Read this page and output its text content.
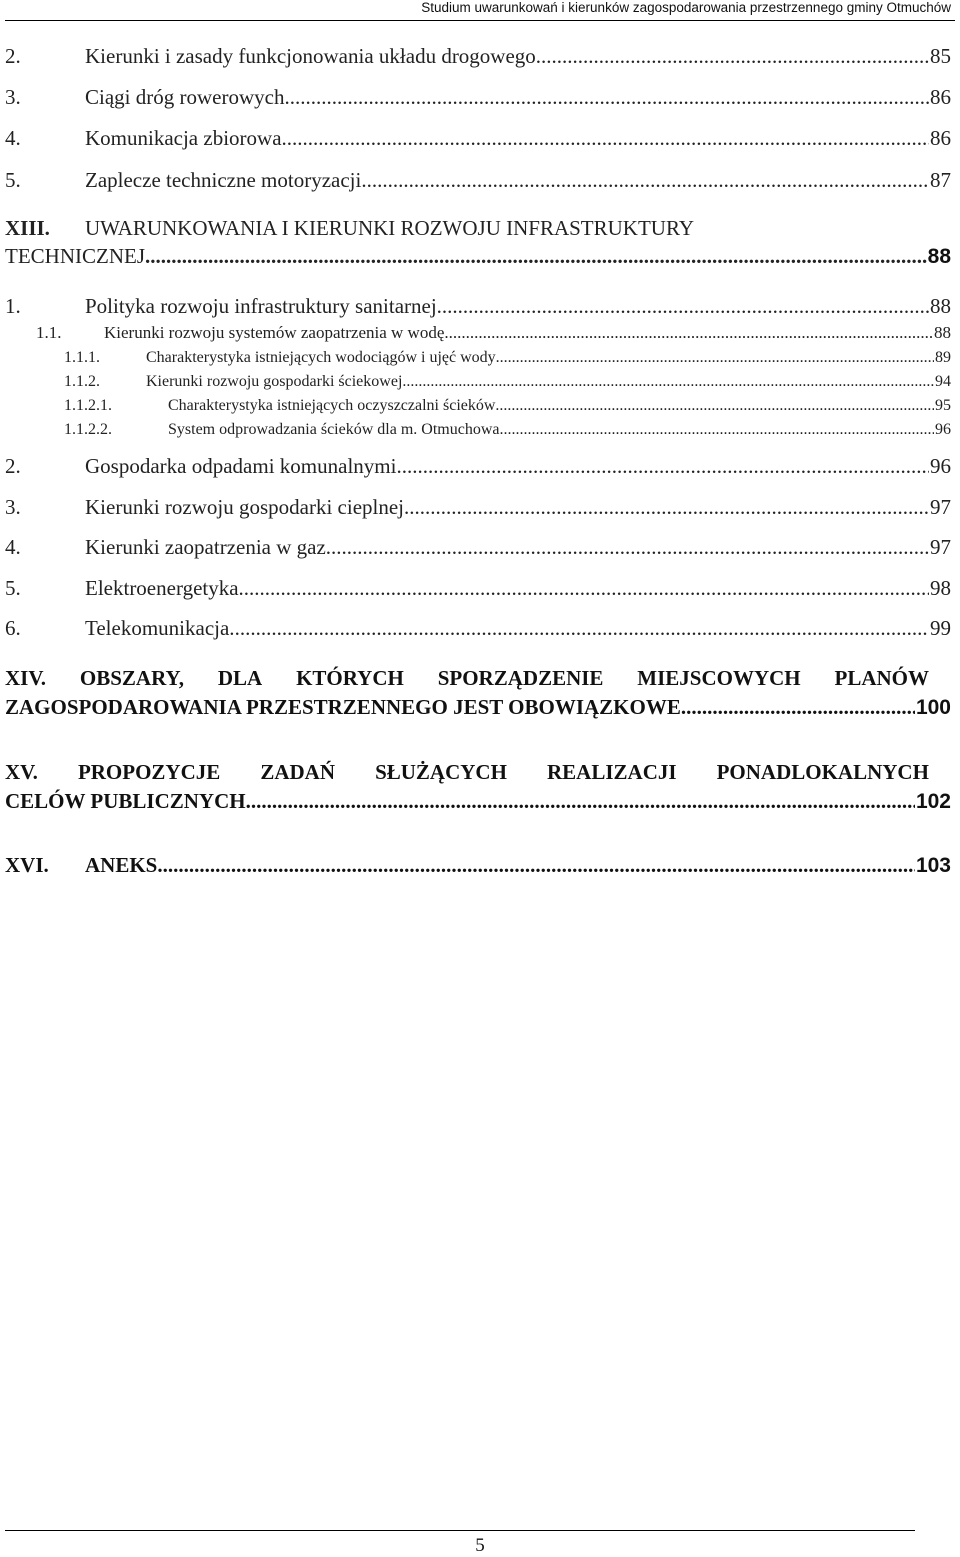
Studium uwarunkowań i kierunków zagospodarowania przestrzennego gminy Otmuchów
2.	Kierunki i zasady funkcjonowania układu drogowego. .....	85
3.	Ciągi dróg rowerowych .....	86
4.	Komunikacja zbiorowa. .....	86
5.	Zaplecze techniczne motoryzacji. .....	87
XIII.	UWARUNKOWANIA I KIERUNKI ROZWOJU INFRASTRUKTURY
TECHNICZNEJ .....	88
1.	Polityka rozwoju infrastruktury sanitarnej. .....	88
1.1.	Kierunki rozwoju systemów zaopatrzenia w wodę. .....	88
1.1.1.	Charakterystyka istniejących wodociągów i ujęć wody .....	89
1.1.2.	Kierunki rozwoju gospodarki ściekowej. .....	94
1.1.2.1.	Charakterystyka istniejących oczyszczalni ścieków .....	95
1.1.2.2.	System odprowadzania ścieków dla m. Otmuchowa .....	96
2.	Gospodarka odpadami komunalnymi. .....	96
3.	Kierunki rozwoju gospodarki cieplnej. .....	97
4.	Kierunki zaopatrzenia w gaz. .....	97
5.	Elektroenergetyka. .....	98
6.	Telekomunikacja. .....	99
XIV. OBSZARY, DLA KTÓRYCH SPORZĄDZENIE MIEJSCOWYCH PLANÓW
ZAGOSPODAROWANIA PRZESTRZENNEGO JEST OBOWIĄZKOWE. .....	100
XV. PROPOZYCJE ZADAŃ SŁUŻĄCYCH REALIZACJI PONADLOKALNYCH
CELÓW PUBLICZNYCH .....	102
XVI.	ANEKS .....	103
5
